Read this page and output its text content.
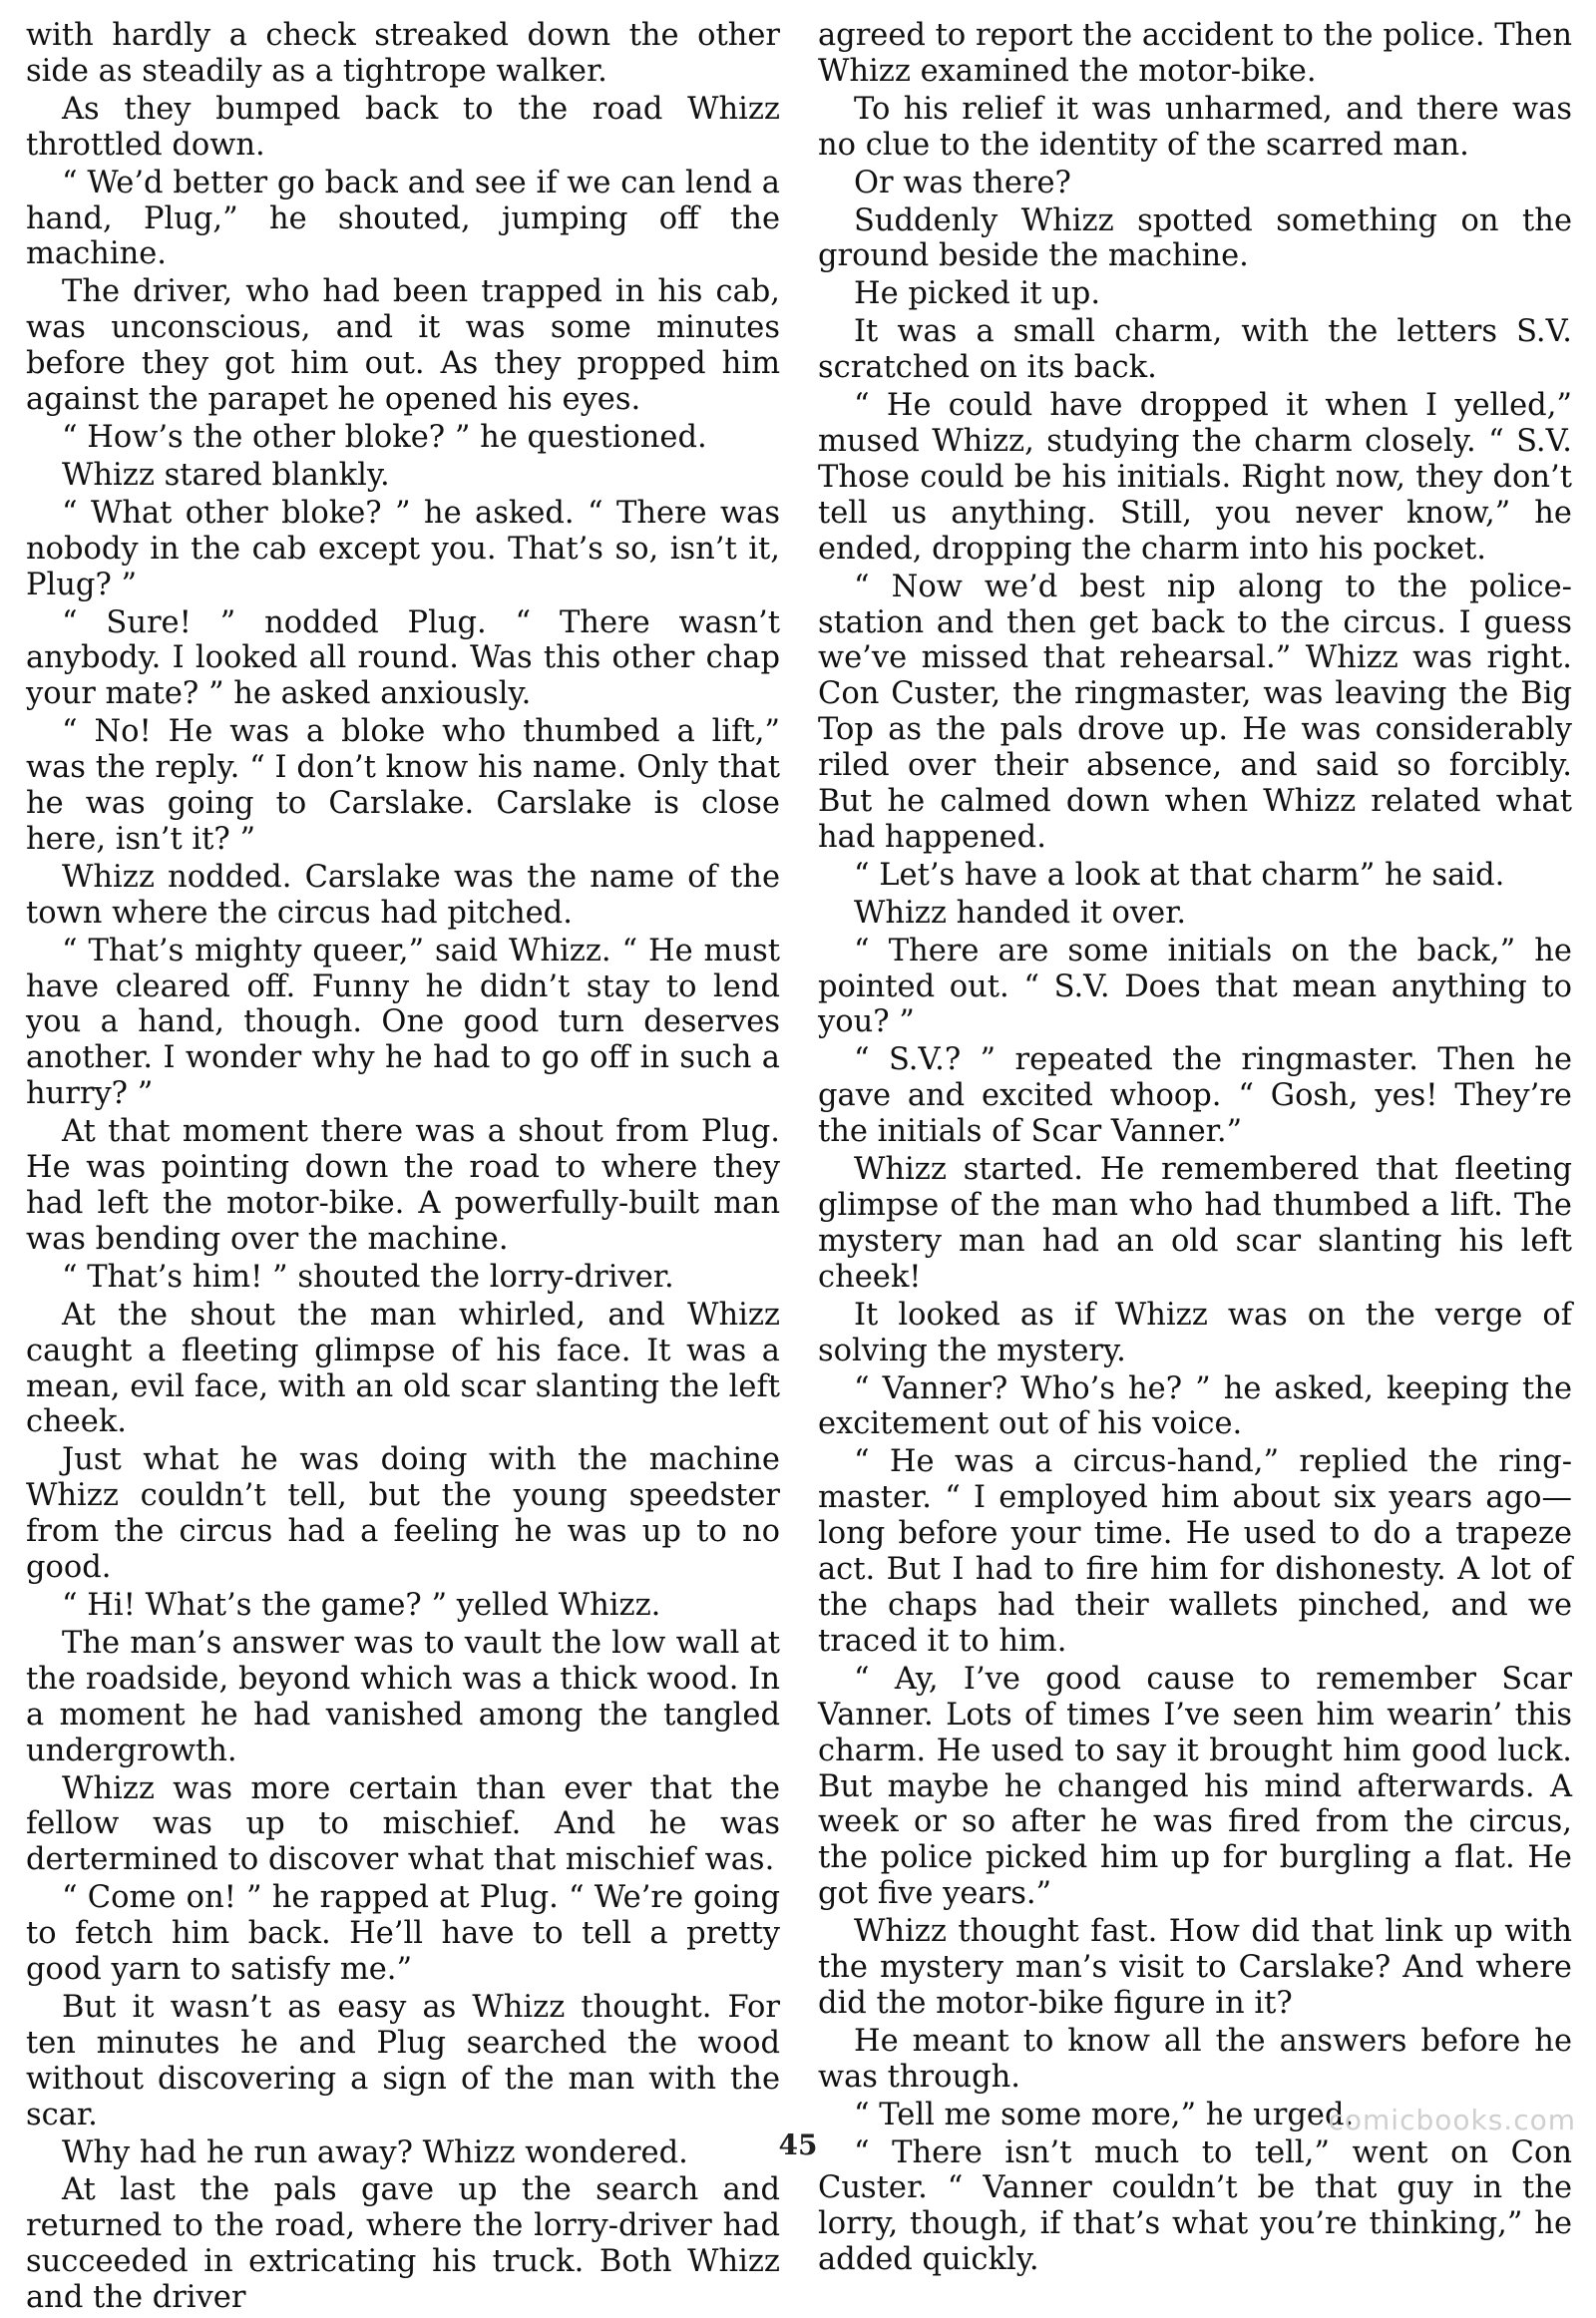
with hardly a check streaked down the other side as steadily as a tightrope walker.

As they bumped back to the road Whizz throttled down.

“ We’d better go back and see if we can lend a hand, Plug,” he shouted, jumping off the machine.

The driver, who had been trapped in his cab, was unconscious, and it was some minutes before they got him out. As they propped him against the parapet he opened his eyes.

“ How’s the other bloke? ” he questioned.

Whizz stared blankly.

“ What other bloke? ” he asked. “ There was nobody in the cab except you. That’s so, isn’t it, Plug? ”

“ Sure! ” nodded Plug. “ There wasn’t anybody. I looked all round. Was this other chap your mate? ” he asked anxiously.

“ No! He was a bloke who thumbed a lift,” was the reply. “ I don’t know his name. Only that he was going to Carslake. Carslake is close here, isn’t it? ”

Whizz nodded. Carslake was the name of the town where the circus had pitched.

“ That’s mighty queer,” said Whizz. “ He must have cleared off. Funny he didn’t stay to lend you a hand, though. One good turn deserves another. I wonder why he had to go off in such a hurry? ”

At that moment there was a shout from Plug. He was pointing down the road to where they had left the motor-bike. A powerfully-built man was bending over the machine.

“ That’s him! ” shouted the lorry-driver.

At the shout the man whirled, and Whizz caught a fleeting glimpse of his face. It was a mean, evil face, with an old scar slanting the left cheek.

Just what he was doing with the machine Whizz couldn’t tell, but the young speedster from the circus had a feeling he was up to no good.

“ Hi! What’s the game? ” yelled Whizz.

The man’s answer was to vault the low wall at the roadside, beyond which was a thick wood. In a moment he had vanished among the tangled undergrowth.

Whizz was more certain than ever that the fellow was up to mischief. And he was dertermined to discover what that mischief was.

“ Come on! ” he rapped at Plug. “ We’re going to fetch him back. He’ll have to tell a pretty good yarn to satisfy me.”

But it wasn’t as easy as Whizz thought. For ten minutes he and Plug searched the wood without discovering a sign of the man with the scar.

Why had he run away? Whizz wondered.

At last the pals gave up the search and returned to the road, where the lorry-driver had succeeded in extricating his truck. Both Whizz and the driver

agreed to report the accident to the police. Then Whizz examined the motor-bike.

To his relief it was unharmed, and there was no clue to the identity of the scarred man.

Or was there?

Suddenly Whizz spotted something on the ground beside the machine.

He picked it up.

It was a small charm, with the letters S.V. scratched on its back.

“ He could have dropped it when I yelled,” mused Whizz, studying the charm closely. “ S.V. Those could be his initials. Right now, they don’t tell us anything. Still, you never know,” he ended, dropping the charm into his pocket.

“ Now we’d best nip along to the police-station and then get back to the circus. I guess we’ve missed that rehearsal.” Whizz was right. Con Custer, the ringmaster, was leaving the Big Top as the pals drove up. He was considerably riled over their absence, and said so forcibly. But he calmed down when Whizz related what had happened.

“ Let’s have a look at that charm” he said.

Whizz handed it over.

“ There are some initials on the back,” he pointed out. “ S.V. Does that mean anything to you? ”

“ S.V.? ” repeated the ringmaster. Then he gave and excited whoop. “ Gosh, yes! They’re the initials of Scar Vanner.”

Whizz started. He remembered that fleeting glimpse of the man who had thumbed a lift. The mystery man had an old scar slanting his left cheek!

It looked as if Whizz was on the verge of solving the mystery.

“ Vanner? Who’s he? ” he asked, keeping the excitement out of his voice.

“ He was a circus-hand,” replied the ring-master. “ I employed him about six years ago—long before your time. He used to do a trapeze act. But I had to fire him for dishonesty. A lot of the chaps had their wallets pinched, and we traced it to him.

“ Ay, I’ve good cause to remember Scar Vanner. Lots of times I’ve seen him wearin’ this charm. He used to say it brought him good luck. But maybe he changed his mind afterwards. A week or so after he was fired from the circus, the police picked him up for burgling a flat. He got five years.”

Whizz thought fast. How did that link up with the mystery man’s visit to Carslake? And where did the motor-bike figure in it?

He meant to know all the answers before he was through.

“ Tell me some more,” he urged.

“ There isn’t much to tell,” went on Con Custer. “ Vanner couldn’t be that guy in the lorry, though, if that’s what you’re thinking,” he added quickly.

45
comicbooks.com
